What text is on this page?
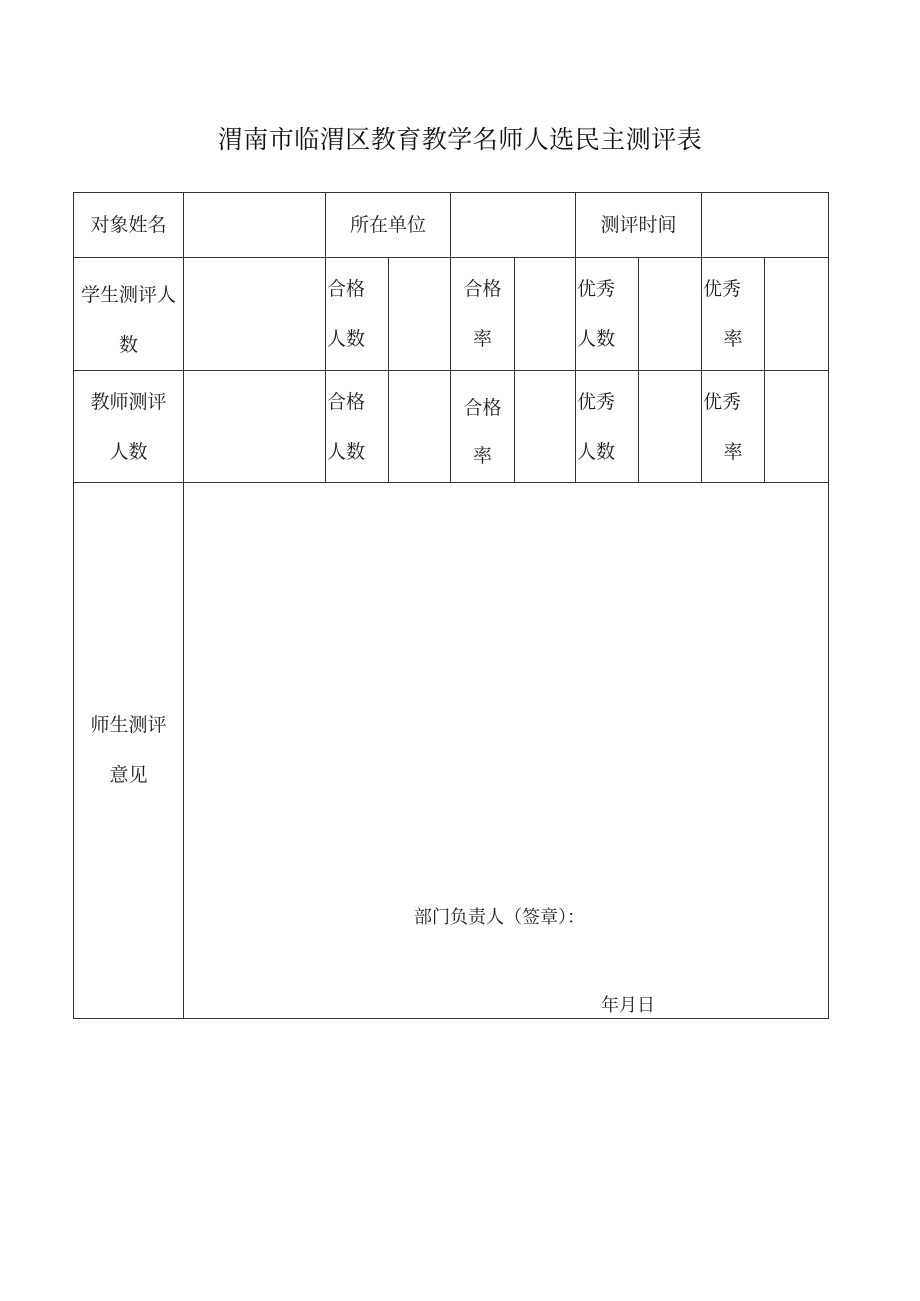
渭南市临渭区教育教学名师人选民主测评表
对象姓名	所在单位	测评时间
学生测评人
数
合格
人数
合格
率
优秀
人数
优秀
率
教师测评
人数
合格
人数
合格
率
优秀
人数
优秀
率
师生测评
意见
部门负责人（签章）：
年月日
